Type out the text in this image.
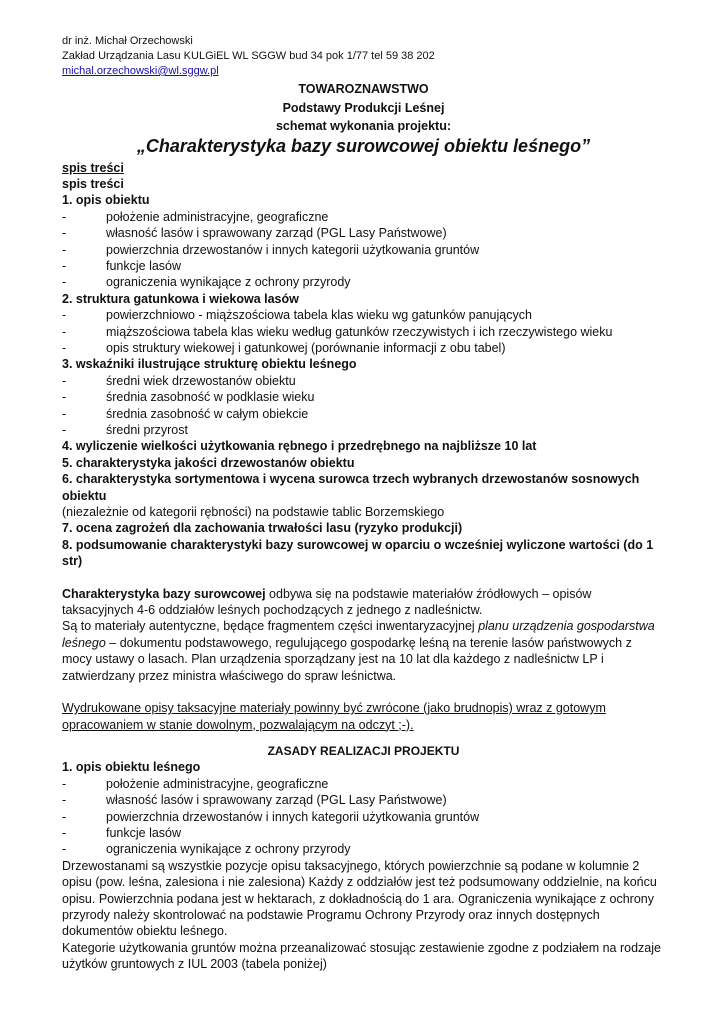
dr inż. Michał Orzechowski
Zakład Urządzania Lasu KULGiEL WL SGGW bud 34 pok 1/77 tel 59 38 202
michal.orzechowski@wl.sggw.pl
TOWAROZNAWSTWO
Podstawy Produkcji Leśnej
schemat wykonania projektu:
„Charakterystyka bazy surowcowej obiektu leśnego”
spis treści
spis treści
1. opis obiektu
-	położenie administracyjne, geograficzne
-	własność lasów i sprawowany zarząd (PGL Lasy Państwowe)
-	powierzchnia drzewostanów i innych kategorii użytkowania gruntów
-	funkcje lasów
-	ograniczenia wynikające z ochrony przyrody
2. struktura gatunkowa i wiekowa lasów
-	powierzchniowo - miąższościowa tabela klas wieku wg gatunków panujących
-	miąższościowa tabela klas wieku według gatunków rzeczywistych i ich rzeczywistego wieku
-	opis struktury wiekowej i gatunkowej (porównanie informacji z obu tabel)
3. wskaźniki ilustrujące strukturę obiektu leśnego
-	średni wiek drzewostanów obiektu
-	średnia zasobność w podklasie wieku
-	średnia zasobność w całym obiekcie
-	średni przyrost
4. wyliczenie wielkości użytkowania rębnego i przedrębnego na najbliższe 10 lat
5. charakterystyka jakości drzewostanów obiektu
6. charakterystyka sortymentowa i wycena surowca trzech wybranych drzewostanów sosnowych obiektu
(niezależnie od kategorii rębności) na podstawie tablic Borzemskiego
7. ocena zagrożeń dla zachowania trwałości lasu (ryzyko produkcji)
8. podsumowanie charakterystyki bazy surowcowej w oparciu o wcześniej wyliczone wartości (do 1 str)
Charakterystyka bazy surowcowej odbywa się na podstawie materiałów źródłowych – opisów taksacyjnych 4-6 oddziałów leśnych pochodzących z jednego z nadleśnictw.
Są to materiały autentyczne, będące fragmentem części inwentaryzacyjnej planu urządzenia gospodarstwa leśnego – dokumentu podstawowego, regulującego gospodarkę leśną na terenie lasów państwowych z mocy ustawy o lasach. Plan urządzenia sporządzany jest na 10 lat dla każdego z nadleśnictw LP i zatwierdzany przez ministra właściwego do spraw leśnictwa.
Wydrukowane opisy taksacyjne materiały powinny być zwrócone (jako brudnopis) wraz z gotowym opracowaniem w stanie dowolnym, pozwalającym na odczyt ;-).
ZASADY REALIZACJI PROJEKTU
1. opis obiektu leśnego
-	położenie administracyjne, geograficzne
-	własność lasów i sprawowany zarząd (PGL Lasy Państwowe)
-	powierzchnia drzewostanów i innych kategorii użytkowania gruntów
-	funkcje lasów
-	ograniczenia wynikające z ochrony przyrody
Drzewostanami są wszystkie pozycje opisu taksacyjnego, których powierzchnie są podane w kolumnie 2 opisu (pow. leśna, zalesiona i nie zalesiona) Każdy z oddziałów jest też podsumowany oddzielnie, na końcu opisu. Powierzchnia podana jest w hektarach, z dokładnością do 1 ara. Ograniczenia wynikające z ochrony przyrody należy skontrolować na podstawie Programu Ochrony Przyrody oraz innych dostępnych dokumentów obiektu leśnego.
Kategorie użytkowania gruntów można przeanalizować stosując zestawienie zgodne z podziałem na rodzaje użytków gruntowych z IUL 2003 (tabela poniżej)
